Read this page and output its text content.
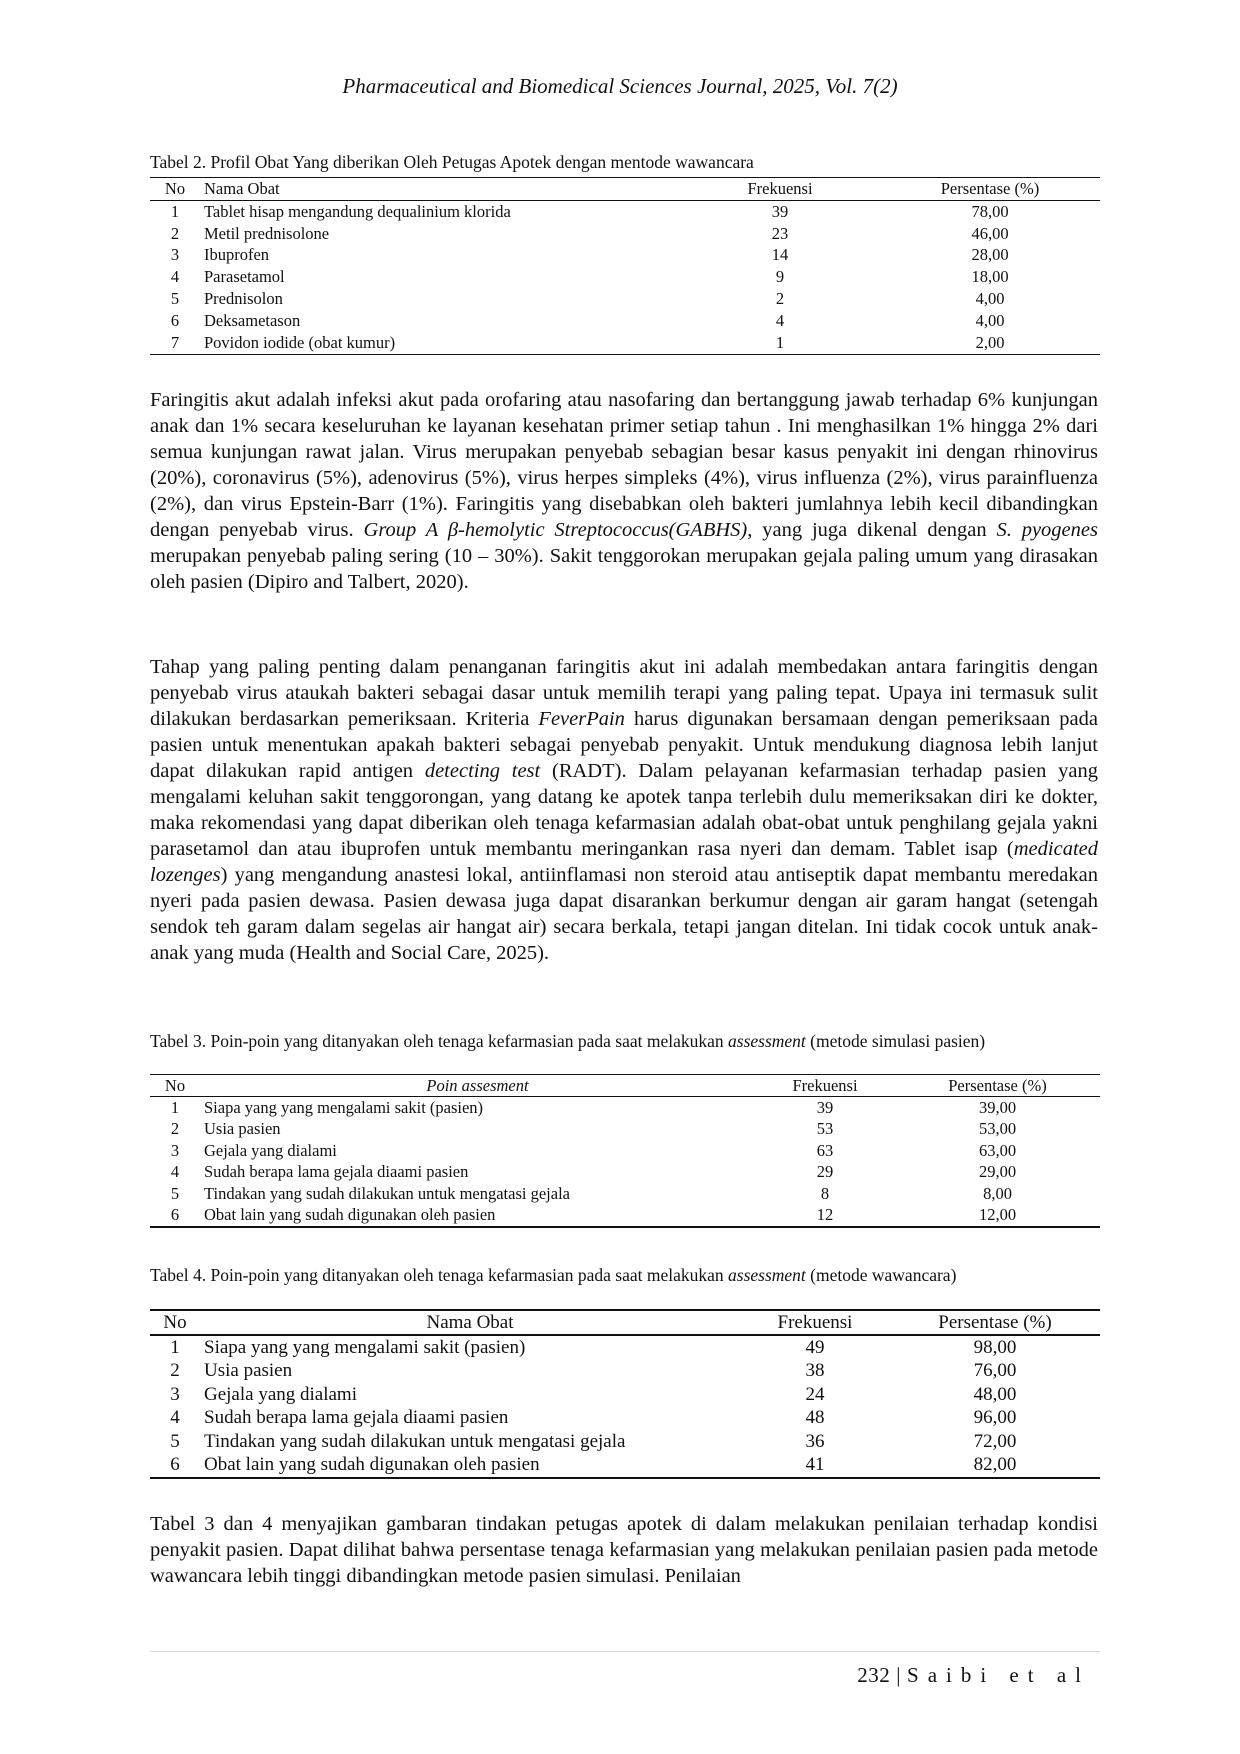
Pharmaceutical and Biomedical Sciences Journal, 2025, Vol. 7(2)
Tabel 2. Profil Obat Yang diberikan Oleh Petugas Apotek dengan mentode wawancara
No	Nama Obat	Frekuensi	Persentase (%)
1	Tablet hisap mengandung dequalinium klorida	39	78,00
2	Metil prednisolone	23	46,00
3	Ibuprofen	14	28,00
4	Parasetamol	9	18,00
5	Prednisolon	2	4,00
6	Deksametason	4	4,00
7	Povidon iodide (obat kumur)	1	2,00

Faringitis akut adalah infeksi akut pada orofaring atau nasofaring dan bertanggung jawab terhadap 6% kunjungan anak dan 1% secara keseluruhan ke layanan kesehatan primer setiap tahun . Ini menghasilkan 1% hingga 2% dari semua kunjungan rawat jalan. Virus merupakan penyebab sebagian besar kasus penyakit ini dengan rhinovirus (20%), coronavirus (5%), adenovirus (5%), virus herpes simpleks (4%), virus influenza (2%), virus parainfluenza (2%), dan virus Epstein-Barr (1%). Faringitis yang disebabkan oleh bakteri jumlahnya lebih kecil dibandingkan dengan penyebab virus. Group A β-hemolytic Streptococcus(GABHS), yang juga dikenal dengan S. pyogenes merupakan penyebab paling sering (10 – 30%). Sakit tenggorokan merupakan gejala paling umum yang dirasakan oleh pasien (Dipiro and Talbert, 2020).

Tahap yang paling penting dalam penanganan faringitis akut ini adalah membedakan antara faringitis dengan penyebab virus ataukah bakteri sebagai dasar untuk memilih terapi yang paling tepat. Upaya ini termasuk sulit dilakukan berdasarkan pemeriksaan. Kriteria FeverPain harus digunakan bersamaan dengan pemeriksaan pada pasien untuk menentukan apakah bakteri sebagai penyebab penyakit. Untuk mendukung diagnosa lebih lanjut dapat dilakukan rapid antigen detecting test (RADT). Dalam pelayanan kefarmasian terhadap pasien yang mengalami keluhan sakit tenggorongan, yang datang ke apotek tanpa terlebih dulu memeriksakan diri ke dokter, maka rekomendasi yang dapat diberikan oleh tenaga kefarmasian adalah obat-obat untuk penghilang gejala yakni parasetamol dan atau ibuprofen untuk membantu meringankan rasa nyeri dan demam. Tablet isap (medicated lozenges) yang mengandung anastesi lokal, antiinflamasi non steroid atau antiseptik dapat membantu meredakan nyeri pada pasien dewasa. Pasien dewasa juga dapat disarankan berkumur dengan air garam hangat (setengah sendok teh garam dalam segelas air hangat air) secara berkala, tetapi jangan ditelan. Ini tidak cocok untuk anak-anak yang muda (Health and Social Care, 2025).

Tabel 3. Poin-poin yang ditanyakan oleh tenaga kefarmasian pada saat melakukan assessment (metode simulasi pasien)
No	Poin assesment	Frekuensi	Persentase (%)
1	Siapa yang yang mengalami sakit (pasien)	39	39,00
2	Usia pasien	53	53,00
3	Gejala yang dialami	63	63,00
4	Sudah berapa lama gejala diaami pasien	29	29,00
5	Tindakan yang sudah dilakukan untuk mengatasi gejala	8	8,00
6	Obat lain yang sudah digunakan oleh pasien	12	12,00
Tabel 4. Poin-poin yang ditanyakan oleh tenaga kefarmasian pada saat melakukan assessment (metode wawancara)
No	Nama Obat	Frekuensi	Persentase (%)
1	Siapa yang yang mengalami sakit (pasien)	49	98,00
2	Usia pasien	38	76,00
3	Gejala yang dialami	24	48,00
4	Sudah berapa lama gejala diaami pasien	48	96,00
5	Tindakan yang sudah dilakukan untuk mengatasi gejala	36	72,00
6	Obat lain yang sudah digunakan oleh pasien	41	82,00

Tabel 3 dan 4 menyajikan gambaran tindakan petugas apotek di dalam melakukan penilaian terhadap kondisi penyakit pasien. Dapat dilihat bahwa persentase tenaga kefarmasian yang melakukan penilaian pasien pada metode wawancara lebih tinggi dibandingkan metode pasien simulasi. Penilaian

232 | Saibi et al
